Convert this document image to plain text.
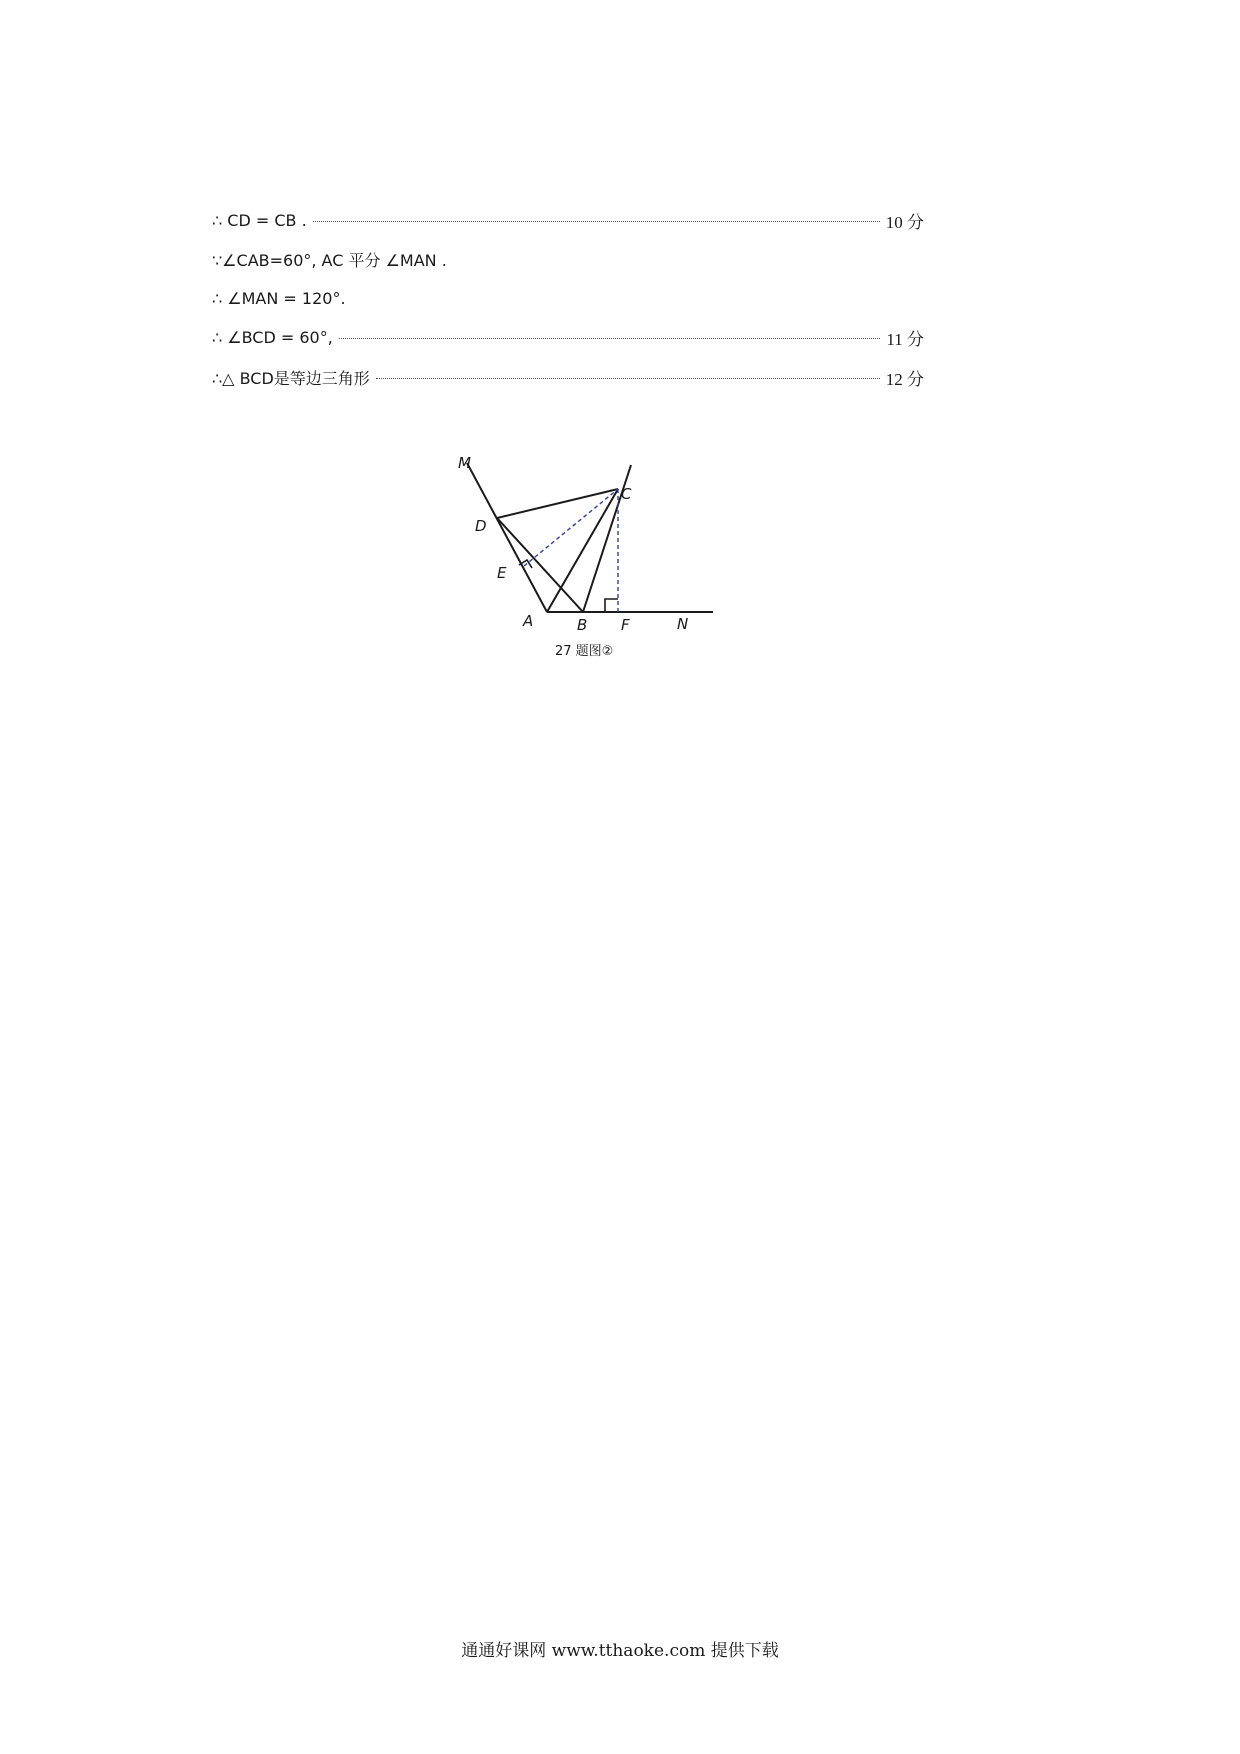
∴ CD = CB .	10 分
∵∠CAB=60°, AC 平分 ∠MAN .
∴ ∠MAN = 120°.
∴ ∠BCD = 60°,	11 分
∴△ BCD是等边三角形	12 分
M
D
E
A	B F	N
C
27 题图②
通通好课网 www.tthaoke.com 提供下载
